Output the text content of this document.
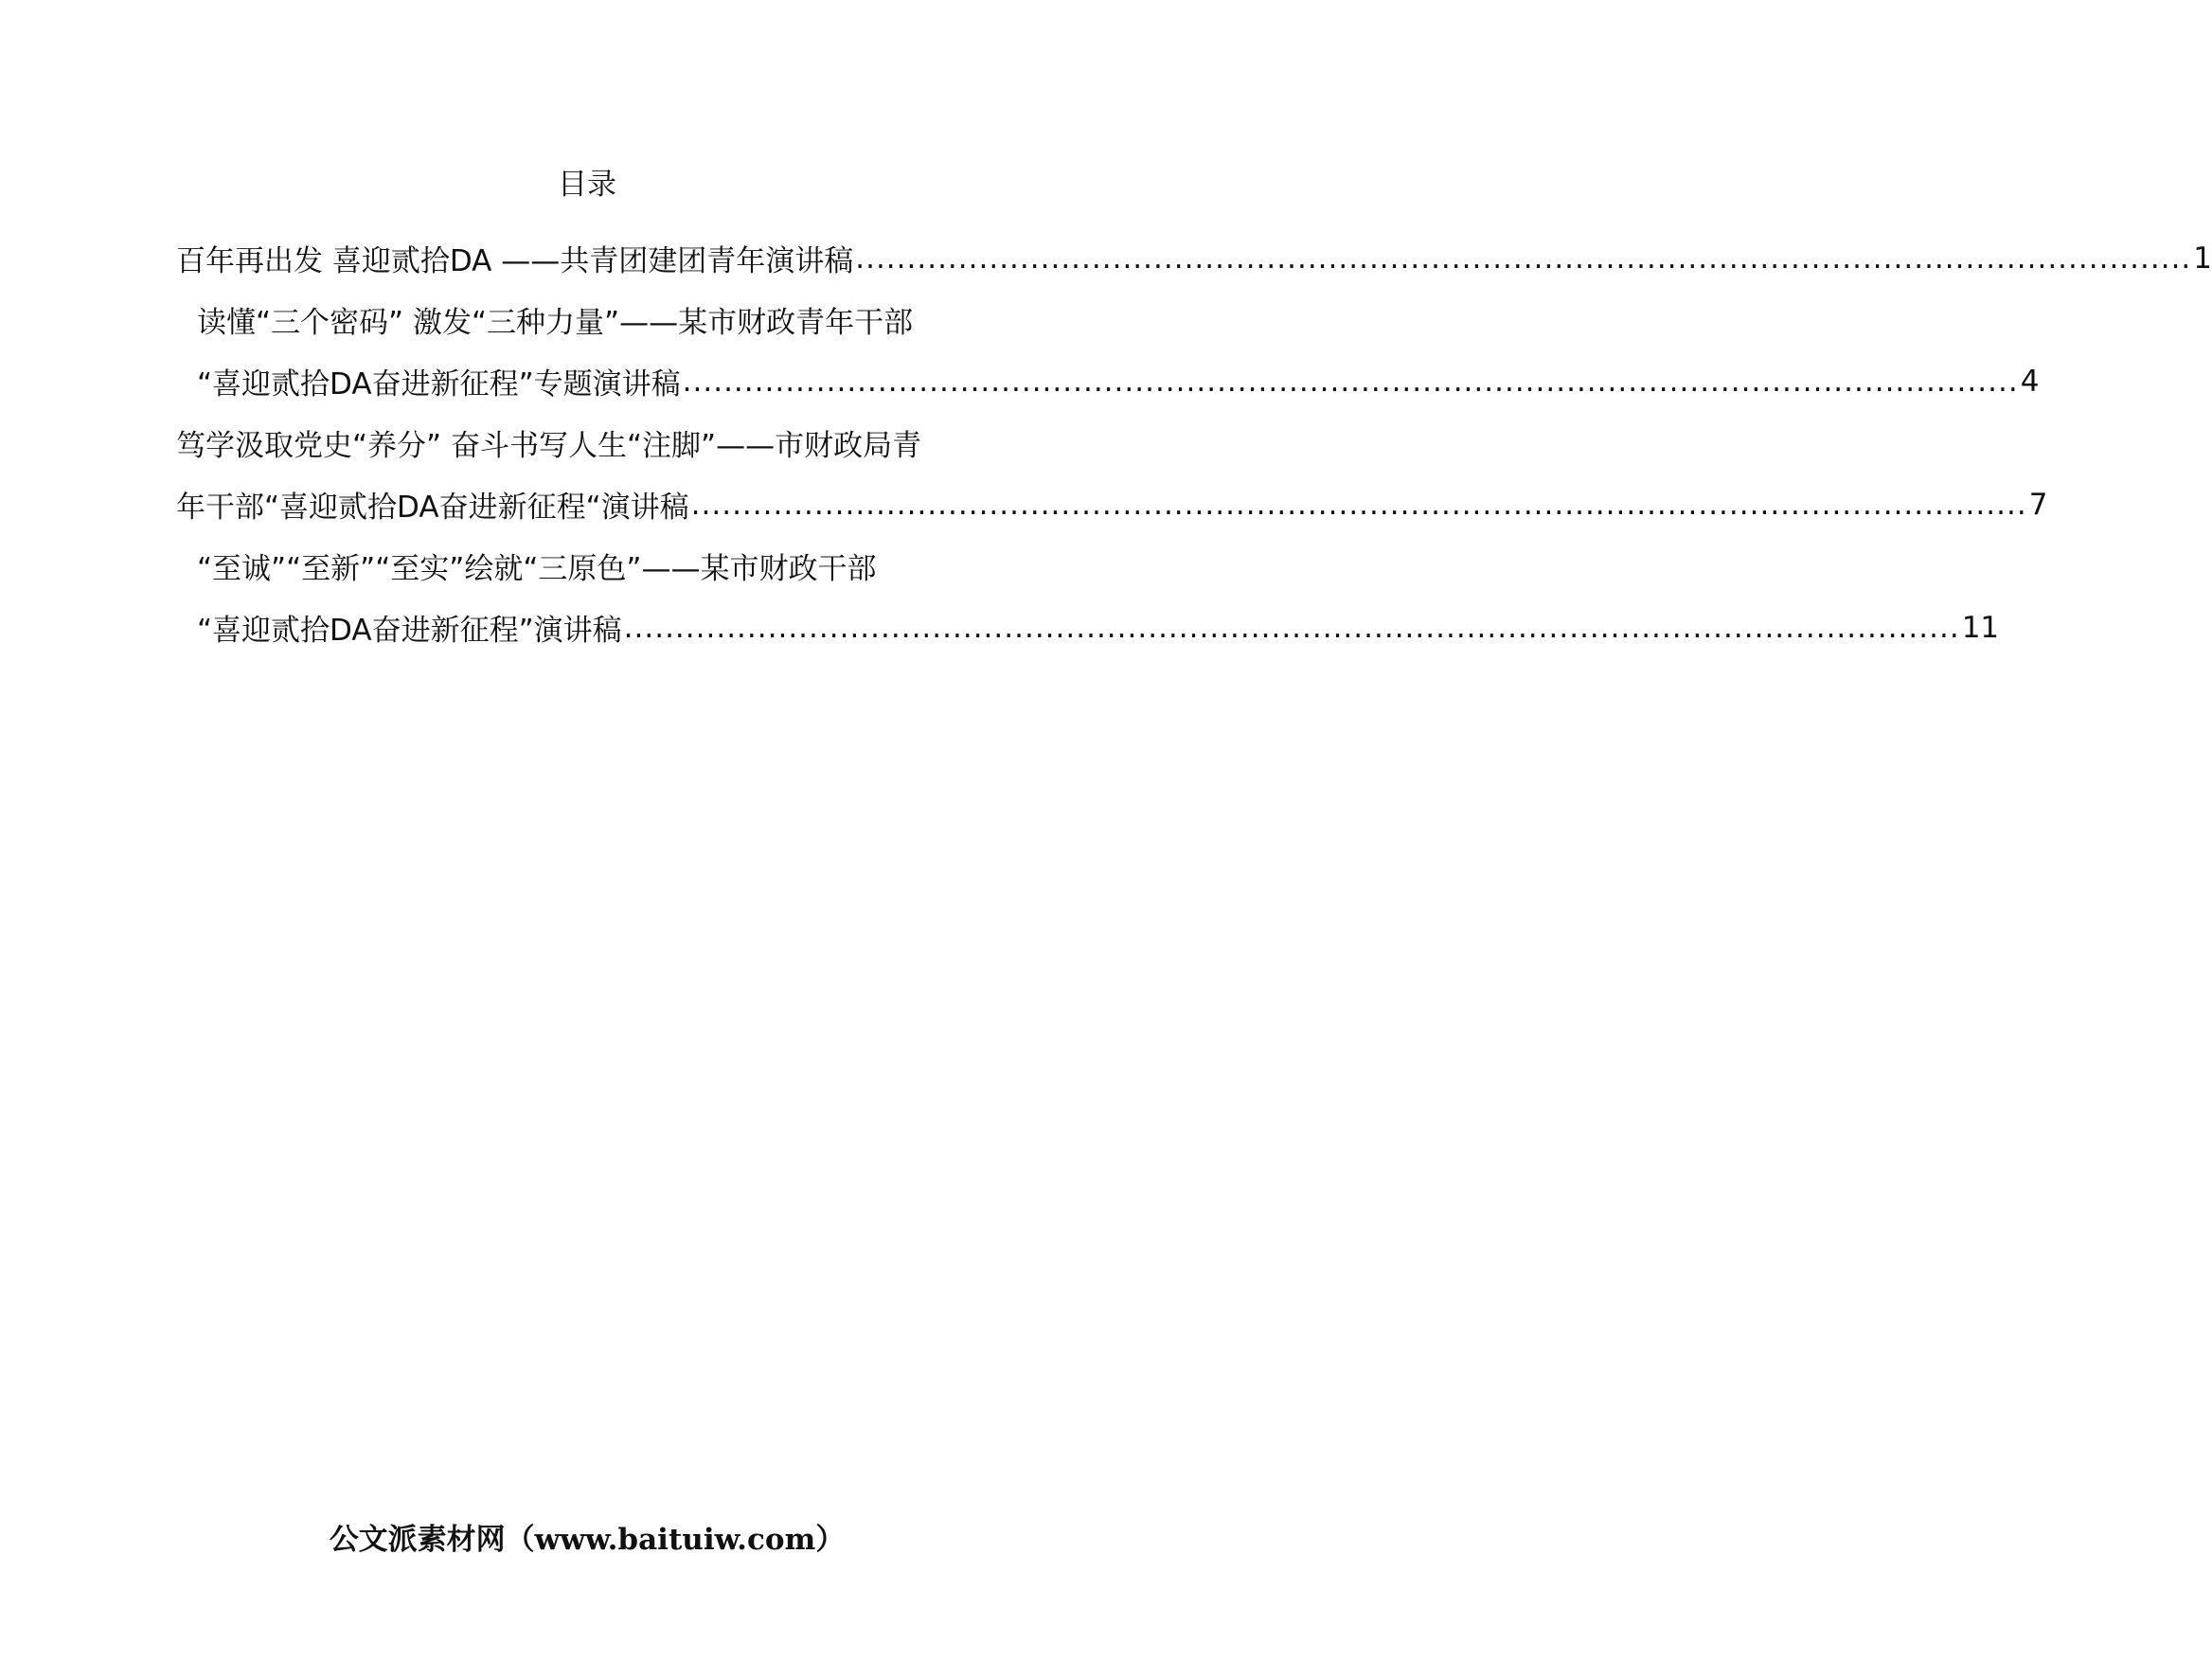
目录
百年再出发 喜迎贰拾DA ——共青团建团青年演讲稿 .................................................................................................................................. 1
读懂“三个密码” 激发“三种力量”——某市财政青年干部
“喜迎贰拾DA奋进新征程”专题演讲稿 .................................................................................................................................. 4
笃学汲取党史“养分” 奋斗书写人生“注脚”——市财政局青
年干部“喜迎贰拾DA奋进新征程“演讲稿 .................................................................................................................................. 7
“至诚”“至新”“至实”绘就“三原色”——某市财政干部
“喜迎贰拾DA奋进新征程”演讲稿 .................................................................................................................................. 11
公文派素材网（www.baituiw.com）
